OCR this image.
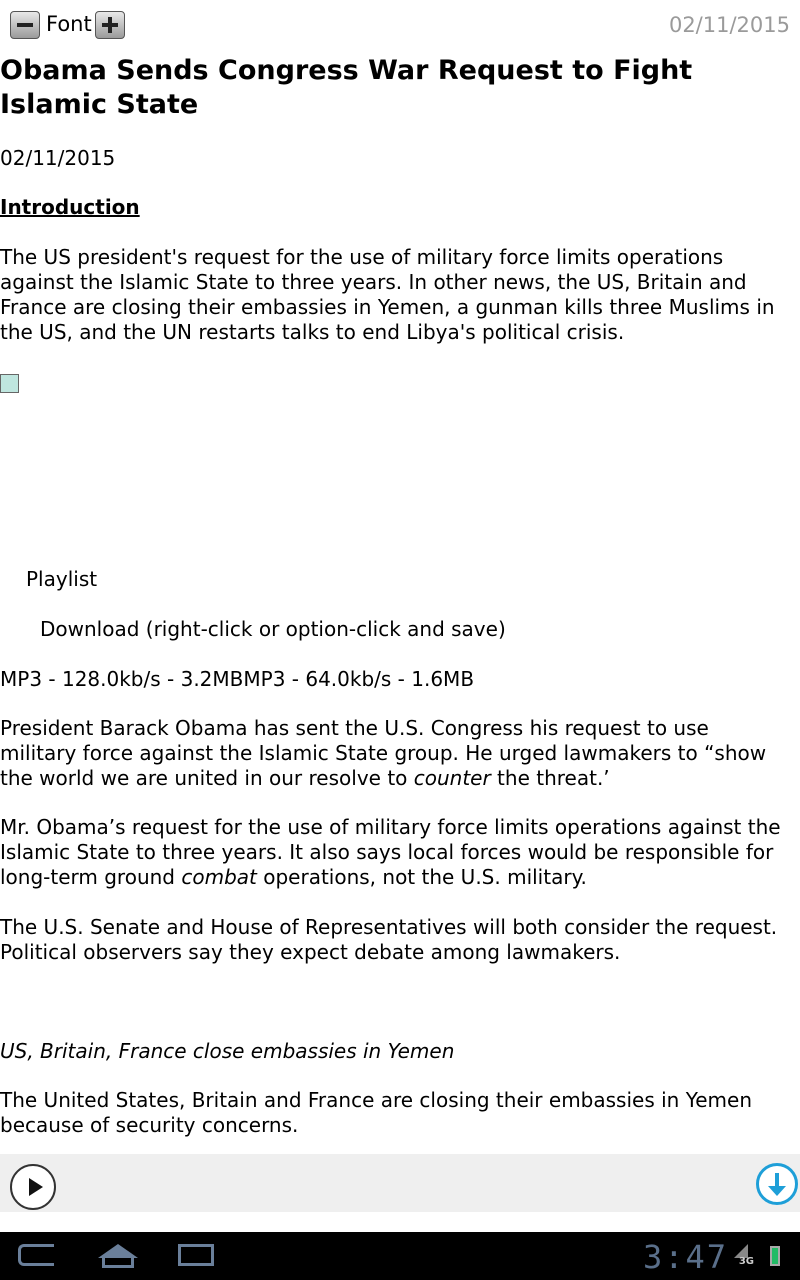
Font	02/11/2015
Obama Sends Congress War Request to Fight Islamic State

02/11/2015

Introduction

The US president's request for the use of military force limits operations against the Islamic State to three years. In other news, the US, Britain and France are closing their embassies in Yemen, a gunman kills three Muslims in the US, and the UN restarts talks to end Libya's political crisis.

Playlist

Download (right-click or option-click and save)

MP3 - 128.0kb/s - 3.2MBMP3 - 64.0kb/s - 1.6MB

President Barack Obama has sent the U.S. Congress his request to use military force against the Islamic State group. He urged lawmakers to “show the world we are united in our resolve to counter the threat.’

Mr. Obama’s request for the use of military force limits operations against the Islamic State to three years. It also says local forces would be responsible for long-term ground combat operations, not the U.S. military.

The U.S. Senate and House of Representatives will both consider the request. Political observers say they expect debate among lawmakers.

US, Britain, France close embassies in Yemen

The United States, Britain and France are closing their embassies in Yemen because of security concerns.

3:47 3G
